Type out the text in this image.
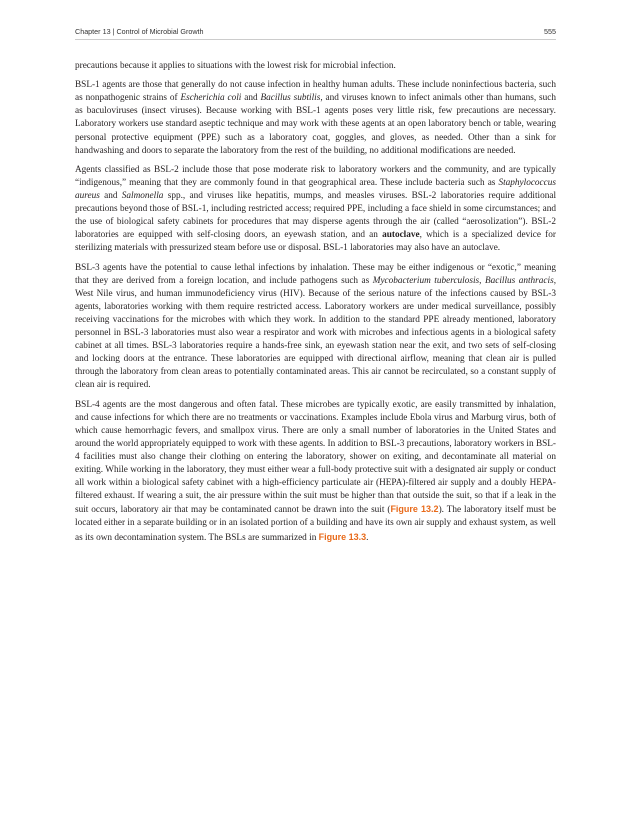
Chapter 13 | Control of Microbial Growth	555

precautions because it applies to situations with the lowest risk for microbial infection.

BSL-1 agents are those that generally do not cause infection in healthy human adults. These include noninfectious bacteria, such as nonpathogenic strains of Escherichia coli and Bacillus subtilis, and viruses known to infect animals other than humans, such as baculoviruses (insect viruses). Because working with BSL-1 agents poses very little risk, few precautions are necessary. Laboratory workers use standard aseptic technique and may work with these agents at an open laboratory bench or table, wearing personal protective equipment (PPE) such as a laboratory coat, goggles, and gloves, as needed. Other than a sink for handwashing and doors to separate the laboratory from the rest of the building, no additional modifications are needed.

Agents classified as BSL-2 include those that pose moderate risk to laboratory workers and the community, and are typically “indigenous,” meaning that they are commonly found in that geographical area. These include bacteria such as Staphylococcus aureus and Salmonella spp., and viruses like hepatitis, mumps, and measles viruses. BSL-2 laboratories require additional precautions beyond those of BSL-1, including restricted access; required PPE, including a face shield in some circumstances; and the use of biological safety cabinets for procedures that may disperse agents through the air (called “aerosolization”). BSL-2 laboratories are equipped with self-closing doors, an eyewash station, and an autoclave, which is a specialized device for sterilizing materials with pressurized steam before use or disposal. BSL-1 laboratories may also have an autoclave.

BSL-3 agents have the potential to cause lethal infections by inhalation. These may be either indigenous or “exotic,” meaning that they are derived from a foreign location, and include pathogens such as Mycobacterium tuberculosis, Bacillus anthracis, West Nile virus, and human immunodeficiency virus (HIV). Because of the serious nature of the infections caused by BSL-3 agents, laboratories working with them require restricted access. Laboratory workers are under medical surveillance, possibly receiving vaccinations for the microbes with which they work. In addition to the standard PPE already mentioned, laboratory personnel in BSL-3 laboratories must also wear a respirator and work with microbes and infectious agents in a biological safety cabinet at all times. BSL-3 laboratories require a hands-free sink, an eyewash station near the exit, and two sets of self-closing and locking doors at the entrance. These laboratories are equipped with directional airflow, meaning that clean air is pulled through the laboratory from clean areas to potentially contaminated areas. This air cannot be recirculated, so a constant supply of clean air is required.

BSL-4 agents are the most dangerous and often fatal. These microbes are typically exotic, are easily transmitted by inhalation, and cause infections for which there are no treatments or vaccinations. Examples include Ebola virus and Marburg virus, both of which cause hemorrhagic fevers, and smallpox virus. There are only a small number of laboratories in the United States and around the world appropriately equipped to work with these agents. In addition to BSL-3 precautions, laboratory workers in BSL-4 facilities must also change their clothing on entering the laboratory, shower on exiting, and decontaminate all material on exiting. While working in the laboratory, they must either wear a full-body protective suit with a designated air supply or conduct all work within a biological safety cabinet with a high-efficiency particulate air (HEPA)-filtered air supply and a doubly HEPA-filtered exhaust. If wearing a suit, the air pressure within the suit must be higher than that outside the suit, so that if a leak in the suit occurs, laboratory air that may be contaminated cannot be drawn into the suit (Figure 13.2). The laboratory itself must be located either in a separate building or in an isolated portion of a building and have its own air supply and exhaust system, as well as its own decontamination system. The BSLs are summarized in Figure 13.3.
